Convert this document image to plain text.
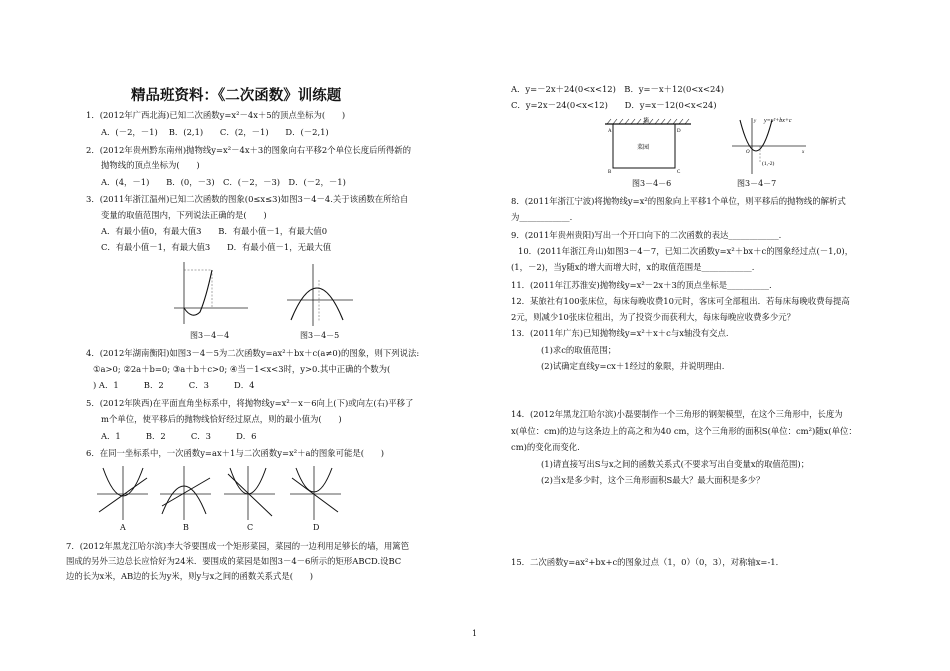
精品班资料：《二次函数》训练题
1．(2012年广西北海)已知二次函数y=x²－4x＋5的顶点坐标为(　　)
A．(－2，－1)　 B．(2,1)　　C．(2，－1)　　D．(－2,1)
2．(2012年贵州黔东南州)抛物线y=x²－4x＋3的图象向右平移2个单位长度后所得新的
抛物线的顶点坐标为(　　)
A．(4，－1)　　B．(0，－3)　C．(－2，－3)　D．(－2，－1)
3．(2011年浙江温州)已知二次函数的图象(0≤x≤3)如图3－4－4.关于该函数在所给自
变量的取值范围内，下列说法正确的是(　　)
A．有最小值0，有最大值3　　B．有最小值－1，有最大值0
C．有最小值－1，有最大值3　　D．有最小值－1，无最大值
图3－4－4	图3－4－5
4．(2012年湖南衡阳)如图3－4－5为二次函数y=ax²＋bx＋c(a≠0)的图象，则下列说法:
①a>0; ②2a＋b=0; ③a＋b＋c>0; ④当－1<x<3时，y>0.其中正确的个数为(
) A．1　　　B．2　　　C．3　　　D．4
5．(2012年陕西)在平面直角坐标系中，将抛物线y=x²－x－6向上(下)或向左(右)平移了
m个单位，使平移后的抛物线恰好经过原点，则的最小值为(　　)
A．1　　　B．2　　　C．3　　　D．6
6．在同一坐标系中，一次函数y=ax＋1与二次函数y=x²＋a的图象可能是(　　)
A	B	C	D
7．(2012年黑龙江哈尔滨)李大爷要围成一个矩形菜园，菜园的一边利用足够长的墙，用篱笆
围成的另外三边总长应恰好为24米．要围成的菜园是如图3－4－6所示的矩形ABCD.设BC
边的长为x米，AB边的长为y米，则y与x之间的函数关系式是(　　)
A．y=－2x＋24(0<x<12)　B．y=－x＋12(0<x<24)
C．y=2x－24(0<x<12)　　D．y=x－12(0<x<24)
墙
菜园
A
B	C
D
图3－4－6
y=x²+bx+c
(1,-2)
y
x
O
图3－4－7
8．(2011年浙江宁波)将抛物线y=x²的图象向上平移1个单位，则平移后的抛物线的解析式
为____________.
9．(2011年贵州贵阳)写出一个开口向下的二次函数的表达____________.
10．(2011年浙江舟山)如图3－4－7，已知二次函数y=x²＋bx＋c的图象经过点(－1,0)，
(1，－2)，当y随x的增大而增大时，x的取值范围是____________.
11．(2011年江苏淮安)抛物线y=x²－2x＋3的顶点坐标是__________.
12．某旅社有100张床位，每床每晚收费10元时，客床可全部租出．若每床每晚收费每提高
2元，则减少10张床位租出，为了投资少而获利大，每床每晚应收费多少元？
13．(2011年广东)已知抛物线y=x²＋x＋c与x轴没有交点.
(1)求c的取值范围；
(2)试确定直线y=cx＋1经过的象限，并说明理由.
14．(2012年黑龙江哈尔滨)小磊要制作一个三角形的钢架模型，在这个三角形中，长度为
x(单位：cm)的边与这条边上的高之和为40 cm，这个三角形的面积S(单位：cm²)随x(单位：
cm)的变化而变化.
(1)请直接写出S与x之间的函数关系式(不要求写出自变量x的取值范围)；
(2)当x是多少时，这个三角形面积S最大？最大面积是多少？
15．二次函数y=ax²+bx+c的图象过点（1，0）（0，3），对称轴x=-1．
1
